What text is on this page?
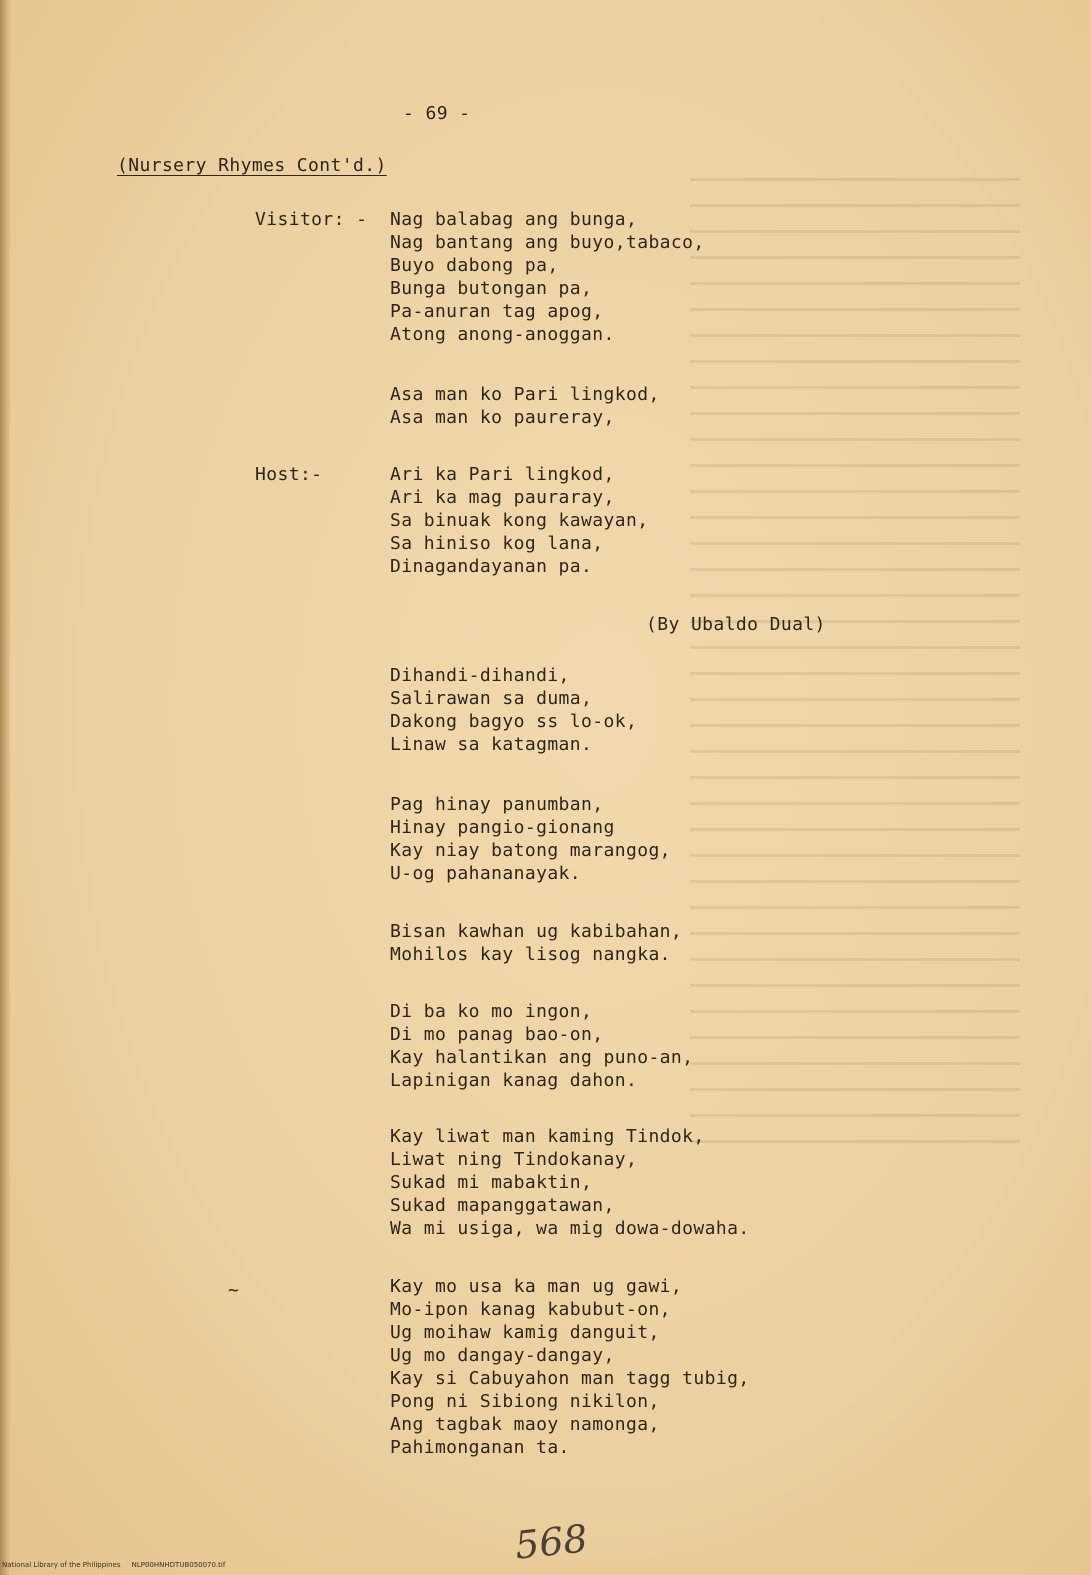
- 69 -
(Nursery Rhymes Cont'd.)
Visitor: - Nag balabag ang bunga,
Nag bantang ang buyo,tabaco,
Buyo dabong pa,
Bunga butongan pa,
Pa-anuran tag apog,
Atong anong-anoggan.
Asa man ko Pari lingkod,
Asa man ko paureray,
Host:-	Ari ka Pari lingkod,
Ari ka mag pauraray,
Sa binuak kong kawayan,
Sa hiniso kog lana,
Dinagandayanan pa.
(By Ubaldo Dual)
Dihandi-dihandi,
Salirawan sa duma,
Dakong bagyo ss lo-ok,
Linaw sa katagman.
Pag hinay panumban,
Hinay pangio-gionang
Kay niay batong marangog,
U-og pahananayak.
Bisan kawhan ug kabibahan,
Mohilos kay lisog nangka.
Di ba ko mo ingon,
Di mo panag bao-on,
Kay halantikan ang puno-an,
Lapinigan kanag dahon.
Kay liwat man kaming Tindok,
Liwat ning Tindokanay,
Sukad mi mabaktin,
Sukad mapanggatawan,
Wa mi usiga, wa mig dowa-dowaha.
~	Kay mo usa ka man ug gawi,
Mo-ipon kanag kabubut-on,
Ug moihaw kamig danguit,
Ug mo dangay-dangay,
Kay si Cabuyahon man tagg tubig,
Pong ni Sibiong nikilon,
Ang tagbak maoy namonga,
Pahimonganan ta.
568
National Library of the Philippines     NLP00HNHDTUB050070.tif
